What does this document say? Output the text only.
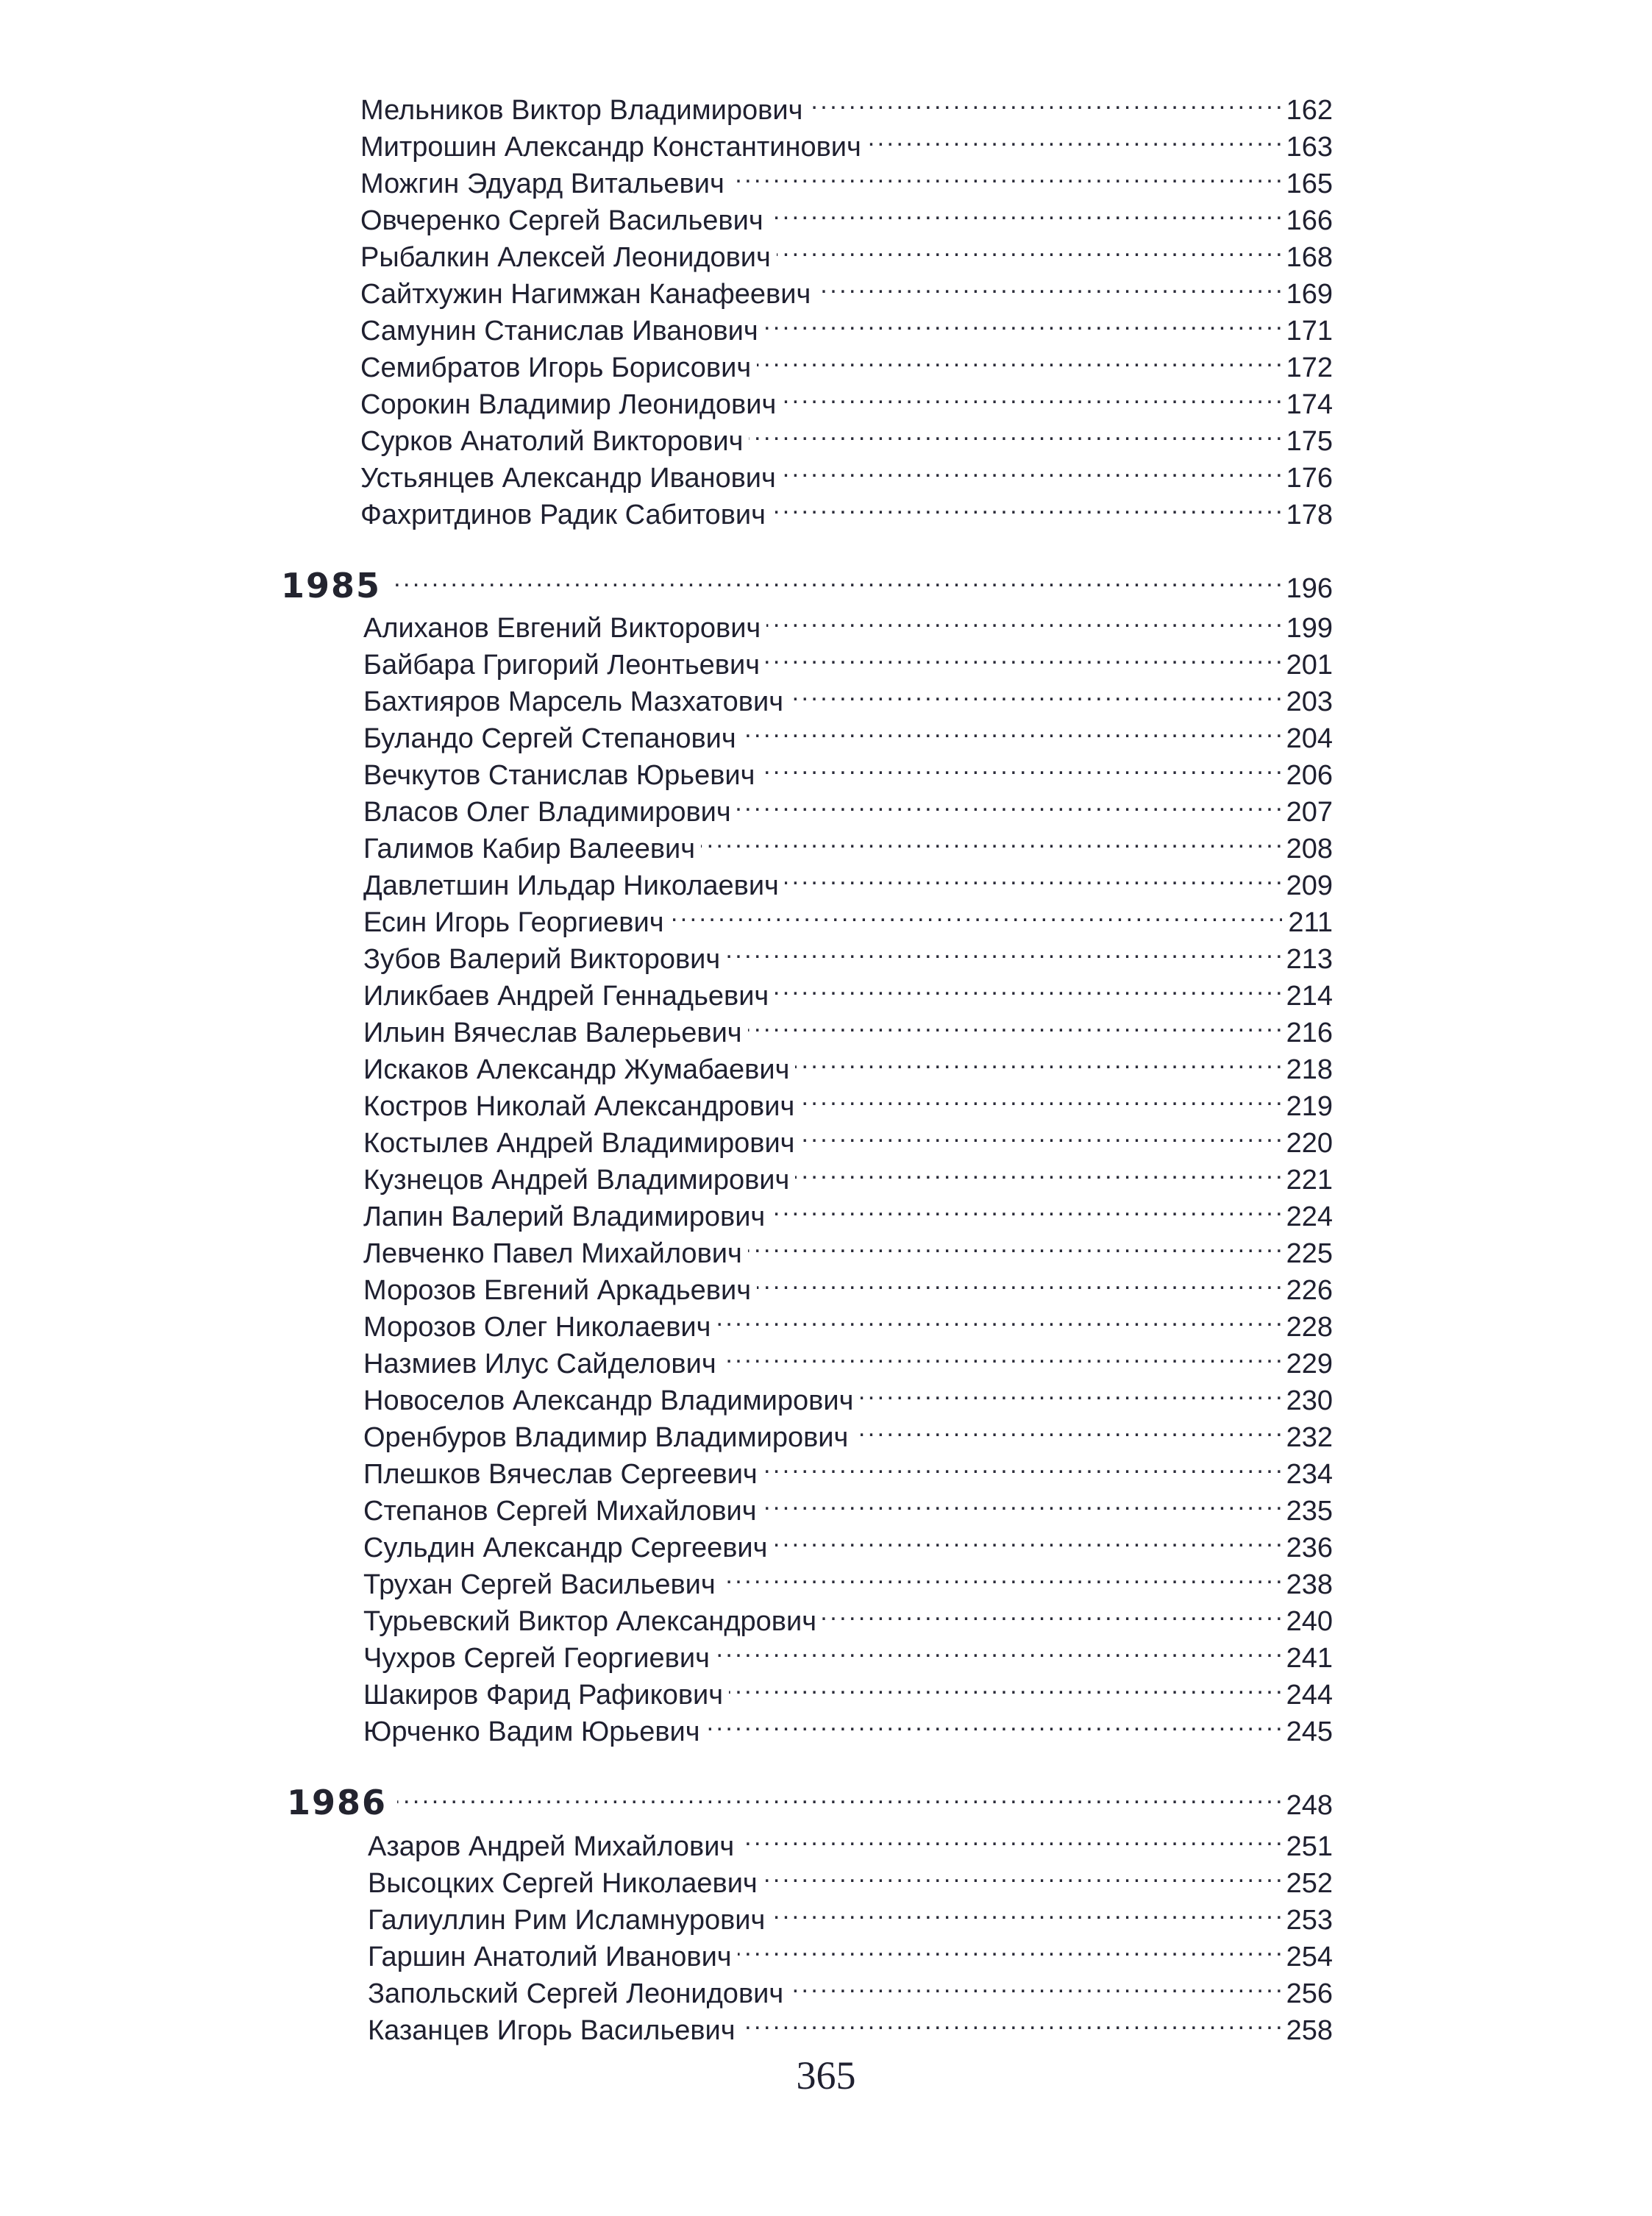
Мельников Виктор Владимирович . . .	162
Митрошин Александр Константинович . . .	163
Можгин Эдуард Витальевич . . .	165
Овчеренко Сергей Васильевич . . .	166
Рыбалкин Алексей Леонидович . . .	168
Сайтхужин Нагимжан Канафеевич . . .	169
Самунин Станислав Иванович . . .	171
Семибратов Игорь Борисович . . .	172
Сорокин Владимир Леонидович . . .	174
Сурков Анатолий Викторович . . .	175
Устьянцев Александр Иванович . . .	176
Фахритдинов Радик Сабитович . . .	178
1985 . . .	196
Алиханов Евгений Викторович . . .	199
Байбара Григорий Леонтьевич . . .	201
Бахтияров Марсель Мазхатович . . .	203
Буландо Сергей Степанович . . .	204
Вечкутов Станислав Юрьевич . . .	206
Власов Олег Владимирович . . .	207
Галимов Кабир Валеевич . . .	208
Давлетшин Ильдар Николаевич . . .	209
Есин Игорь Георгиевич . . .	211
Зубов Валерий Викторович . . .	213
Иликбаев Андрей Геннадьевич . . .	214
Ильин Вячеслав Валерьевич . . .	216
Искаков Александр Жумабаевич . . .	218
Костров Николай Александрович . . .	219
Костылев Андрей Владимирович . . .	220
Кузнецов Андрей Владимирович . . .	221
Лапин Валерий Владимирович . . .	224
Левченко Павел Михайлович . . .	225
Морозов Евгений Аркадьевич . . .	226
Морозов Олег Николаевич . . .	228
Назмиев Илус Сайделович . . .	229
Новоселов Александр Владимирович . . .	230
Оренбуров Владимир Владимирович . . .	232
Плешков Вячеслав Сергеевич . . .	234
Степанов Сергей Михайлович . . .	235
Сульдин Александр Сергеевич . . .	236
Трухан Сергей Васильевич . . .	238
Турьевский Виктор Александрович . . .	240
Чухров Сергей Георгиевич . . .	241
Шакиров Фарид Рафикович . . .	244
Юрченко Вадим Юрьевич . . .	245
1986 . . .	248
Азаров Андрей Михайлович . . .	251
Высоцких Сергей Николаевич . . .	252
Галиуллин Рим Исламнурович . . .	253
Гаршин Анатолий Иванович . . .	254
Запольский Сергей Леонидович . . .	256
Казанцев Игорь Васильевич . . .	258
365
